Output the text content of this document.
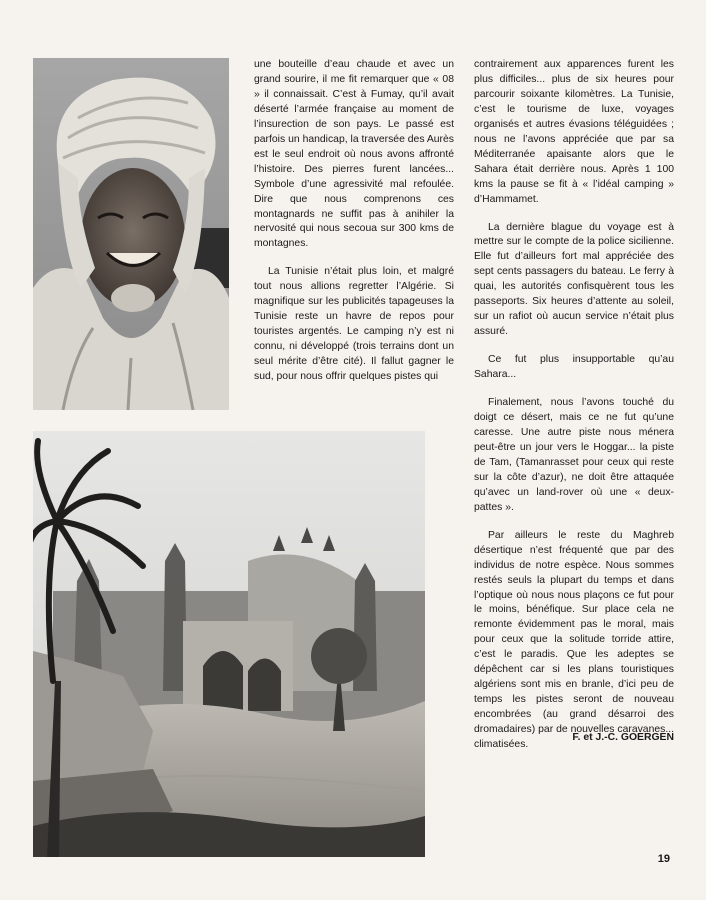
une bouteille d’eau chaude et avec un grand sourire, il me fit remarquer que « 08 » il connaissait. C’est à Fumay, qu’il avait déserté l’armée française au moment de l’insurection de son pays. Le passé est parfois un handicap, la traversée des Aurès est le seul endroit où nous avons affronté l’histoire. Des pierres furent lancées... Symbole d’une agressivité mal refoulée. Dire que nous comprenons ces montagnards ne suffit pas à anihiler la nervosité qui nous secoua sur 300 kms de montagnes.

La Tunisie n’était plus loin, et malgré tout nous allions regretter l’Algérie. Si magnifique sur les publicités tapageuses la Tunisie reste un havre de repos pour touristes argentés. Le camping n’y est ni connu, ni développé (trois terrains dont un seul mérite d’être cité). Il fallut gagner le sud, pour nous offrir quelques pistes qui

contrairement aux apparences furent les plus difficiles... plus de six heures pour parcourir soixante kilomètres. La Tunisie, c’est le tourisme de luxe, voyages organisés et autres évasions téléguidées ; nous ne l’avons appréciée que par sa Méditerranée apaisante alors que le Sahara était derrière nous. Après 1 100 kms la pause se fit à « l’idéal camping » d’Hammamet.

La dernière blague du voyage est à mettre sur le compte de la police sicilienne. Elle fut d’ailleurs fort mal appréciée des sept cents passagers du bateau. Le ferry à quai, les autorités confisquèrent tous les passeports. Six heures d’attente au soleil, sur un rafiot où aucun service n’était plus assuré.

Ce fut plus insupportable qu’au Sahara...

Finalement, nous l’avons touché du doigt ce désert, mais ce ne fut qu’une caresse. Une autre piste nous ménera peut-être un jour vers le Hoggar... la piste de Tam, (Tamanrasset pour ceux qui reste sur la côte d’azur), ne doit être attaquée qu’avec un land-rover où une « deux-pattes ».

Par ailleurs le reste du Maghreb désertique n’est fréquenté que par des individus de notre espèce. Nous sommes restés seuls la plupart du temps et dans l’optique où nous nous plaçons ce fut pour le moins, bénéfique. Sur place cela ne remonte évidemment pas le moral, mais pour ceux que la solitude torride attire, c’est le paradis. Que les adeptes se dépêchent car si les plans touristiques algériens sont mis en branle, d’ici peu de temps les pistes seront de nouveau encombrées (au grand désarroi des dromadaires) par de nouvelles caravanes... climatisées.

F. et J.-C. GOERGEN
19
